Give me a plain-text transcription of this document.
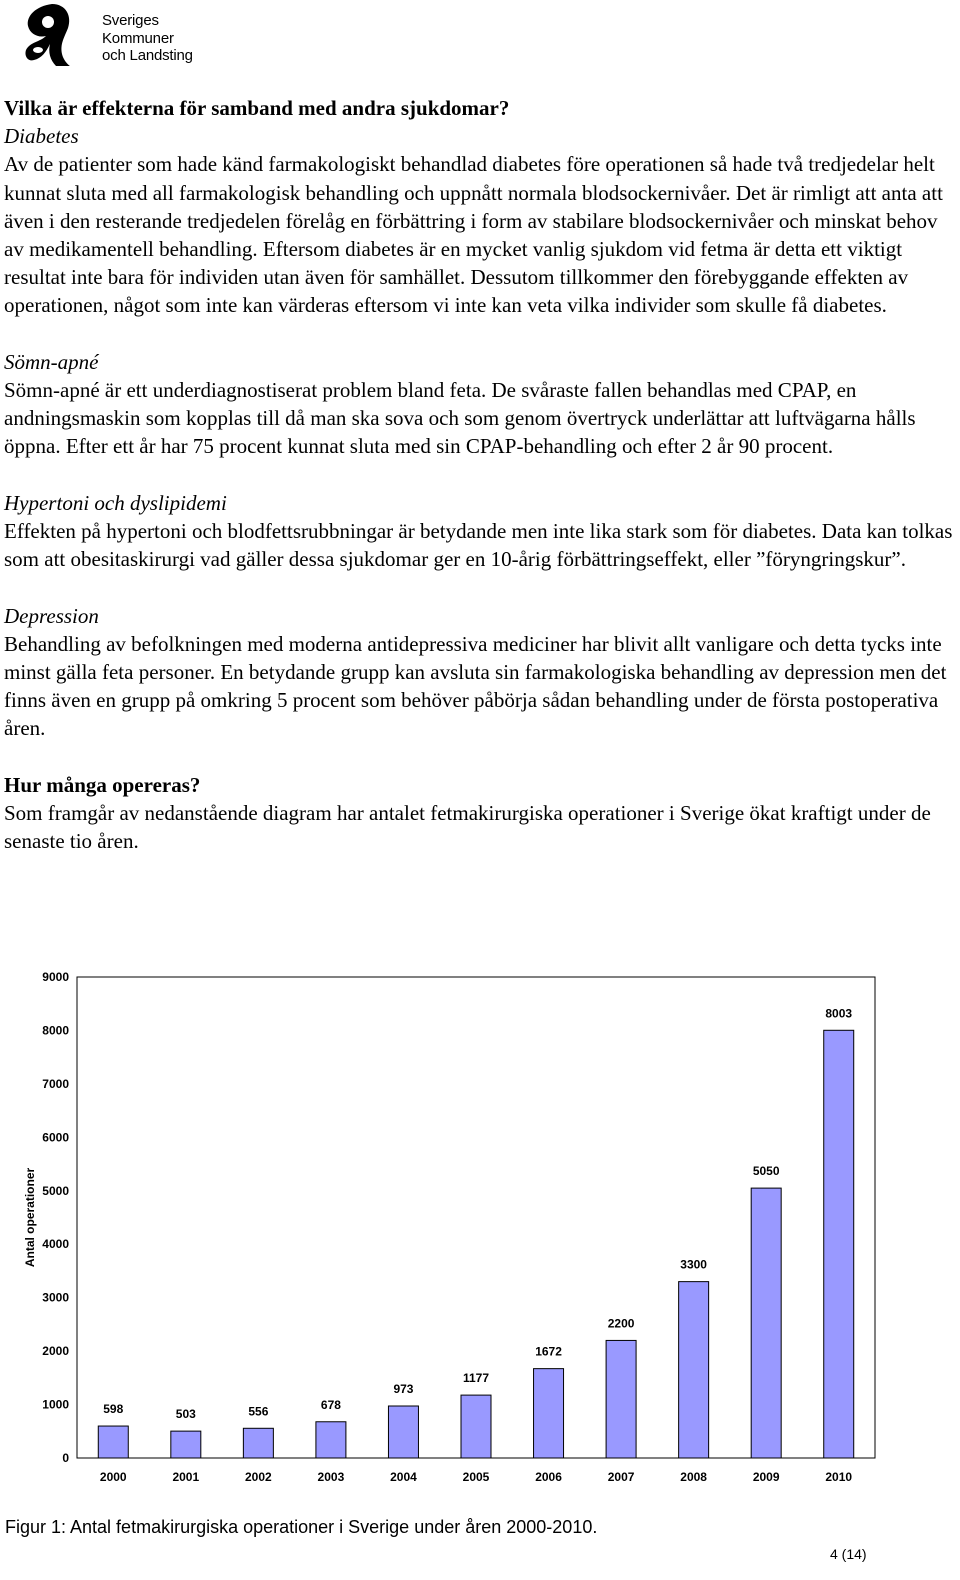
Sveriges
Kommuner
och Landsting

Vilka är effekterna för samband med andra sjukdomar?

Diabetes

Av de patienter som hade känd farmakologiskt behandlad diabetes före operationen så hade två tredjedelar helt kunnat sluta med all farmakologisk behandling och uppnått normala blodsockernivåer. Det är rimligt att anta att även i den resterande tredjedelen förelåg en förbättring i form av stabilare blodsockernivåer och minskat behov av medikamentell behandling. Eftersom diabetes är en mycket vanlig sjukdom vid fetma är detta ett viktigt resultat inte bara för individen utan även för samhället. Dessutom tillkommer den förebyggande effekten av operationen, något som inte kan värderas eftersom vi inte kan veta vilka individer som skulle få diabetes.

Sömn-apné

Sömn-apné är ett underdiagnostiserat problem bland feta. De svåraste fallen behandlas med CPAP, en andningsmaskin som kopplas till då man ska sova och som genom övertryck underlättar att luftvägarna hålls öppna. Efter ett år har 75 procent kunnat sluta med sin CPAP-behandling och efter 2 år 90 procent.

Hypertoni och dyslipidemi

Effekten på hypertoni och blodfettsrubbningar är betydande men inte lika stark som för diabetes. Data kan tolkas som att obesitaskirurgi vad gäller dessa sjukdomar ger en 10-årig förbättringseffekt, eller ”föryngringskur”.

Depression

Behandling av befolkningen med moderna antidepressiva mediciner har blivit allt vanligare och detta tycks inte minst gälla feta personer. En betydande grupp kan avsluta sin farmakologiska behandling av depression men det finns även en grupp på omkring 5 procent som behöver påbörja sådan behandling under de första postoperativa åren.

Hur många opereras?

Som framgår av nedanstående diagram har antalet fetmakirurgiska operationer i Sverige ökat kraftigt under de senaste tio åren.

0
1000
2000
3000
4000
5000
6000
7000
8000
9000
Antal operationer
598
2000
503
2001
556
2002
678
2003
973
2004
1177
2005
1672
2006
2200
2007
3300
2008
5050
2009
8003
2010
Figur 1: Antal fetmakirurgiska operationer i Sverige under åren 2000-2010.
4 (14)
